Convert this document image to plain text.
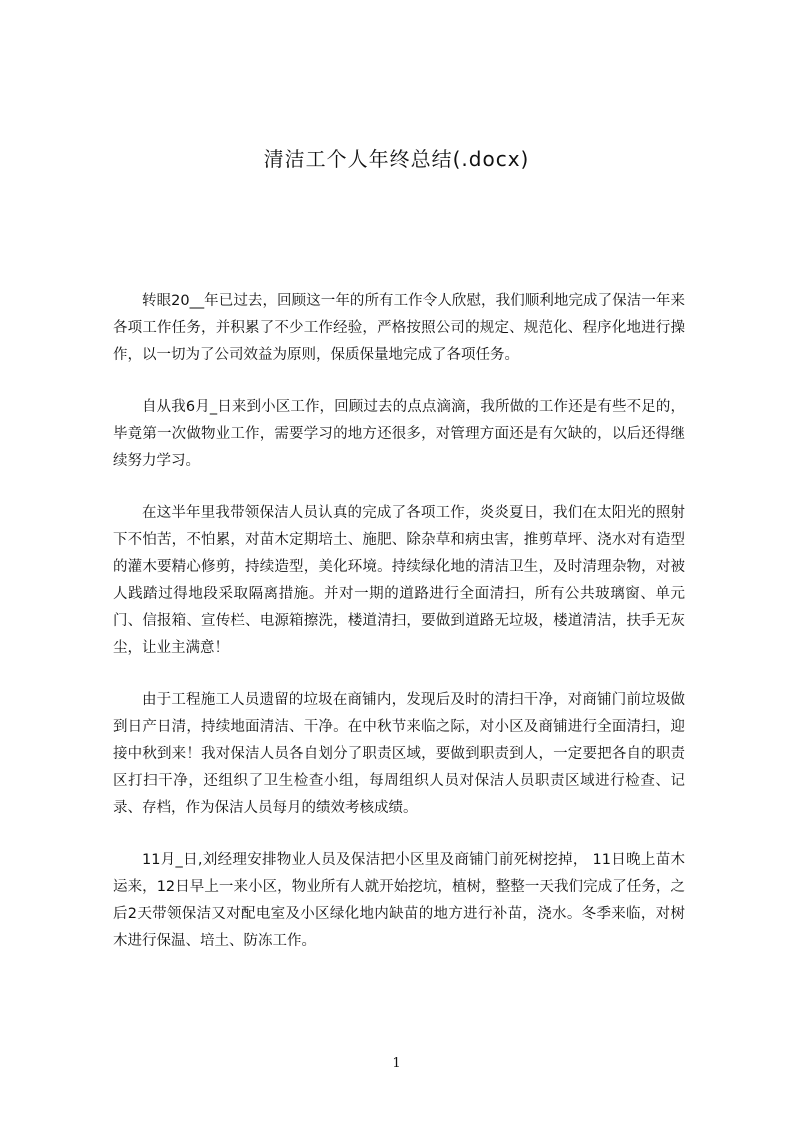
清洁工个人年终总结(.docx)

转眼20__年已过去，回顾这一年的所有工作令人欣慰，我们顺利地完成了保洁一年来各项工作任务，并积累了不少工作经验，严格按照公司的规定、规范化、程序化地进行操作，以一切为了公司效益为原则，保质保量地完成了各项任务。

自从我6月_日来到小区工作，回顾过去的点点滴滴，我所做的工作还是有些不足的，毕竟第一次做物业工作，需要学习的地方还很多，对管理方面还是有欠缺的，以后还得继续努力学习。

在这半年里我带领保洁人员认真的完成了各项工作，炎炎夏日，我们在太阳光的照射下不怕苦，不怕累，对苗木定期培土、施肥、除杂草和病虫害，推剪草坪、浇水对有造型的灌木要精心修剪，持续造型，美化环境。持续绿化地的清洁卫生，及时清理杂物，对被人践踏过得地段采取隔离措施。并对一期的道路进行全面清扫，所有公共玻璃窗、单元门、信报箱、宣传栏、电源箱擦洗，楼道清扫，要做到道路无垃圾，楼道清洁，扶手无灰尘，让业主满意！

由于工程施工人员遗留的垃圾在商铺内，发现后及时的清扫干净，对商铺门前垃圾做到日产日清，持续地面清洁、干净。在中秋节来临之际，对小区及商铺进行全面清扫，迎接中秋到来！我对保洁人员各自划分了职责区域，要做到职责到人，一定要把各自的职责区打扫干净，还组织了卫生检查小组，每周组织人员对保洁人员职责区域进行检查、记录、存档，作为保洁人员每月的绩效考核成绩。

11月_日,刘经理安排物业人员及保洁把小区里及商铺门前死树挖掉， 11日晚上苗木运来，12日早上一来小区，物业所有人就开始挖坑，植树，整整一天我们完成了任务，之后2天带领保洁又对配电室及小区绿化地内缺苗的地方进行补苗，浇水。冬季来临，对树木进行保温、培土、防冻工作。

1
